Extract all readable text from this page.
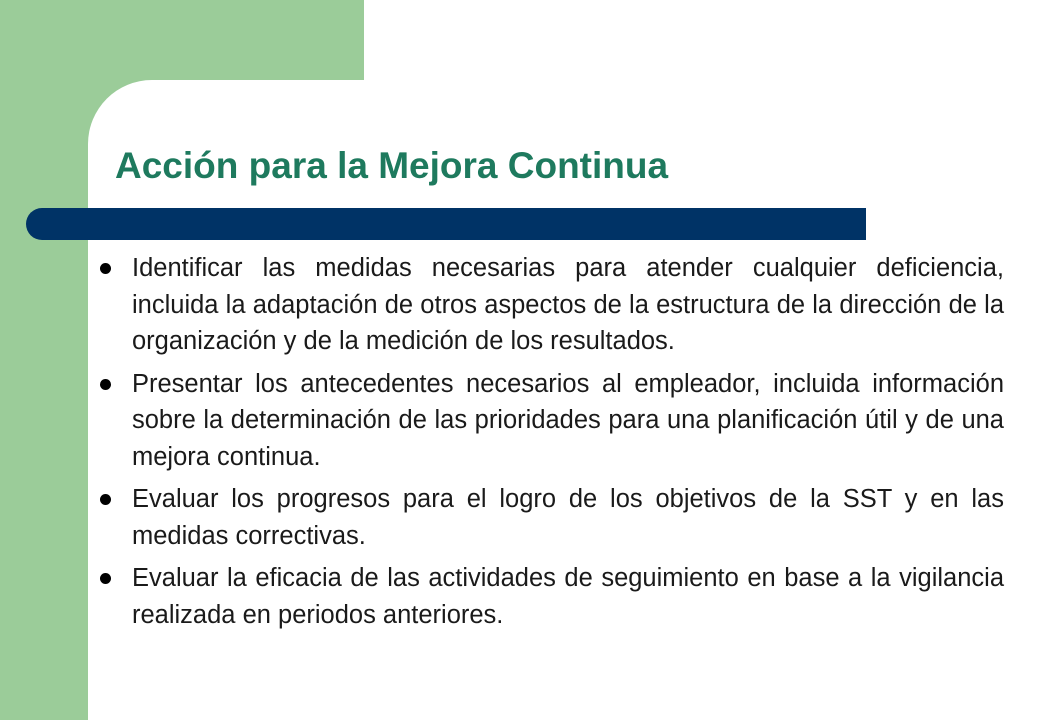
Acción para la Mejora Continua
Identificar las medidas necesarias para atender cualquier deficiencia, incluida la adaptación de otros aspectos de la estructura de la dirección de la organización y de la medición de los resultados.
Presentar los antecedentes necesarios al empleador, incluida información sobre la determinación de las prioridades para una planificación útil y de una mejora continua.
Evaluar los progresos para el logro de los objetivos de la SST y en las medidas correctivas.
Evaluar la eficacia de las actividades de seguimiento en base a la vigilancia realizada en periodos anteriores.
